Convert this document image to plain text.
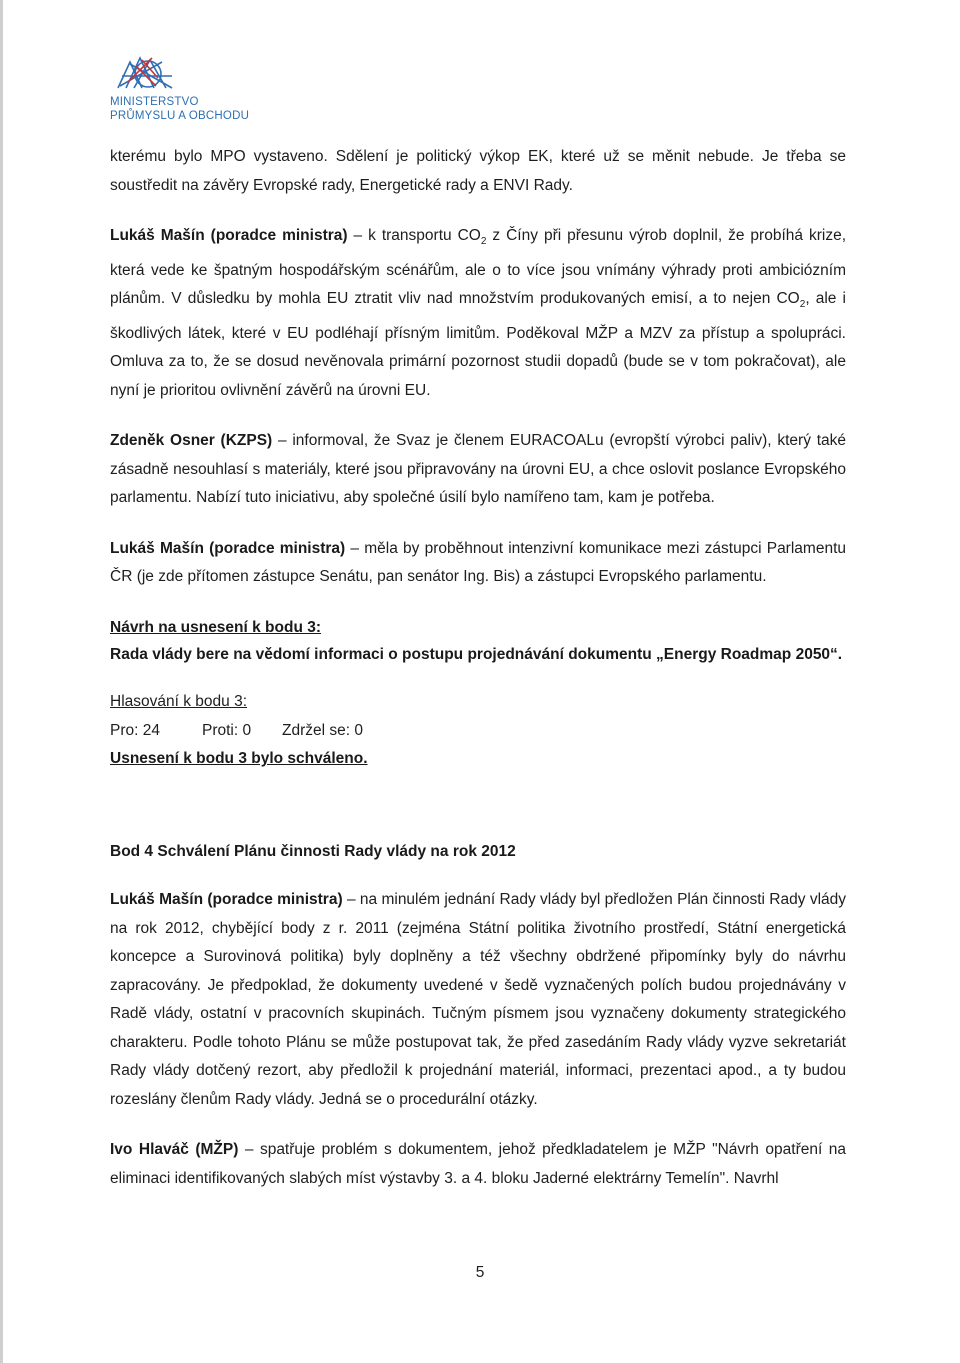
MINISTERSTVO
PRŮMYSLU A OBCHODU

kterému bylo MPO vystaveno. Sdělení je politický výkop EK, které už se měnit nebude. Je třeba se soustředit na závěry Evropské rady, Energetické rady a ENVI Rady.

Lukáš Mašín (poradce ministra) – k transportu $CO_2$ z Číny při přesunu výrob doplnil, že probíhá krize, která vede ke špatným hospodářským scénářům, ale o to více jsou vnímány výhrady proti ambiciózním plánům. V důsledku by mohla EU ztratit vliv nad množstvím produkovaných emisí, a to nejen $CO_2$, ale i škodlivých látek, které v EU podléhají přísným limitům. Poděkoval MŽP a MZV za přístup a spolupráci. Omluva za to, že se dosud nevěnovala primární pozornost studii dopadů (bude se v tom pokračovat), ale nyní je prioritou ovlivnění závěrů na úrovni EU.

Zdeněk Osner (KZPS) – informoval, že Svaz je členem EURACOALu (evropští výrobci paliv), který také zásadně nesouhlasí s materiály, které jsou připravovány na úrovni EU, a chce oslovit poslance Evropského parlamentu. Nabízí tuto iniciativu, aby společné úsilí bylo namířeno tam, kam je potřeba.

Lukáš Mašín (poradce ministra) – měla by proběhnout intenzivní komunikace mezi zástupci Parlamentu ČR (je zde přítomen zástupce Senátu, pan senátor Ing. Bis) a zástupci Evropského parlamentu.

Návrh na usnesení k bodu 3:

Rada vlády bere na vědomí informaci o postupu projednávání dokumentu „Energy Roadmap 2050“.

Hlasování k bodu 3:

Pro: 24	Proti: 0 Zdržel se: 0

Usnesení k bodu 3 bylo schváleno.

Bod 4 Schválení Plánu činnosti Rady vlády na rok 2012

Lukáš Mašín (poradce ministra) – na minulém jednání Rady vlády byl předložen Plán činnosti Rady vlády na rok 2012, chybějící body z r. 2011 (zejména Státní politika životního prostředí, Státní energetická koncepce a Surovinová politika) byly doplněny a též všechny obdržené připomínky byly do návrhu zapracovány. Je předpoklad, že dokumenty uvedené v šedě vyznačených polích budou projednávány v Radě vlády, ostatní v pracovních skupinách. Tučným písmem jsou vyznačeny dokumenty strategického charakteru. Podle tohoto Plánu se může postupovat tak, že před zasedáním Rady vlády vyzve sekretariát Rady vlády dotčený rezort, aby předložil k projednání materiál, informaci, prezentaci apod., a ty budou rozeslány členům Rady vlády. Jedná se o procedurální otázky.

Ivo Hlaváč (MŽP) – spatřuje problém s dokumentem, jehož předkladatelem je MŽP "Návrh opatření na eliminaci identifikovaných slabých míst výstavby 3. a 4. bloku Jaderné elektrárny Temelín". Navrhl

5
